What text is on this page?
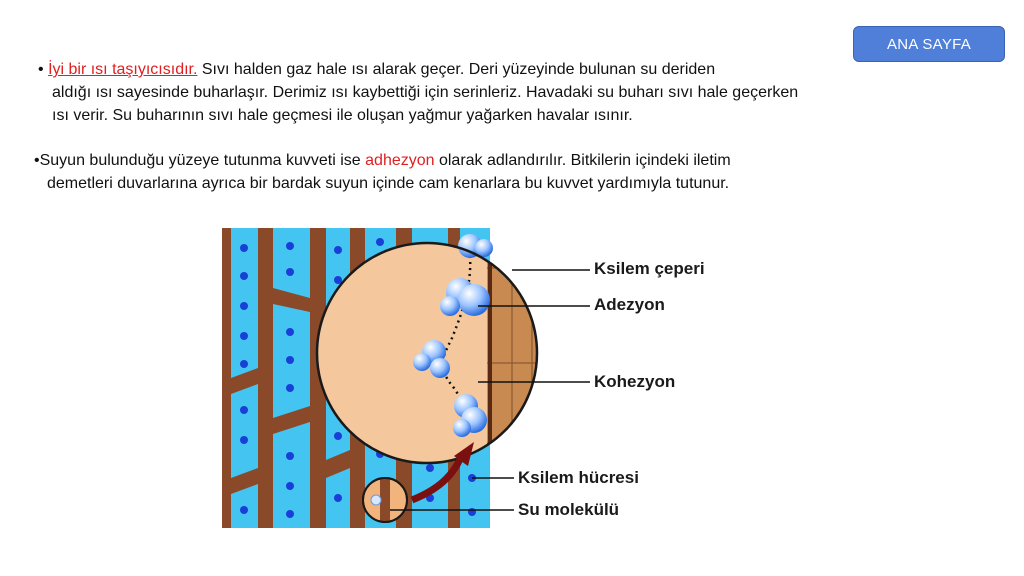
ANA SAYFA
• İyi bir ısı taşıyıcısıdır. Sıvı halden gaz hale ısı alarak geçer. Deri yüzeyinde bulunan su deriden
aldığı ısı sayesinde buharlaşır. Derimiz ısı kaybettiği için serinleriz. Havadaki su buharı sıvı hale geçerken
ısı verir. Su buharının sıvı hale geçmesi ile oluşan yağmur yağarken havalar ısınır.
•Suyun bulunduğu yüzeye tutunma kuvveti ise adhezyon olarak adlandırılır. Bitkilerin içindeki iletim
demetleri duvarlarına ayrıca bir bardak suyun içinde cam kenarlara bu kuvvet yardımıyla tutunur.
Ksilem çeperi
Adezyon
Kohezyon
Ksilem hücresi
Su molekülü
